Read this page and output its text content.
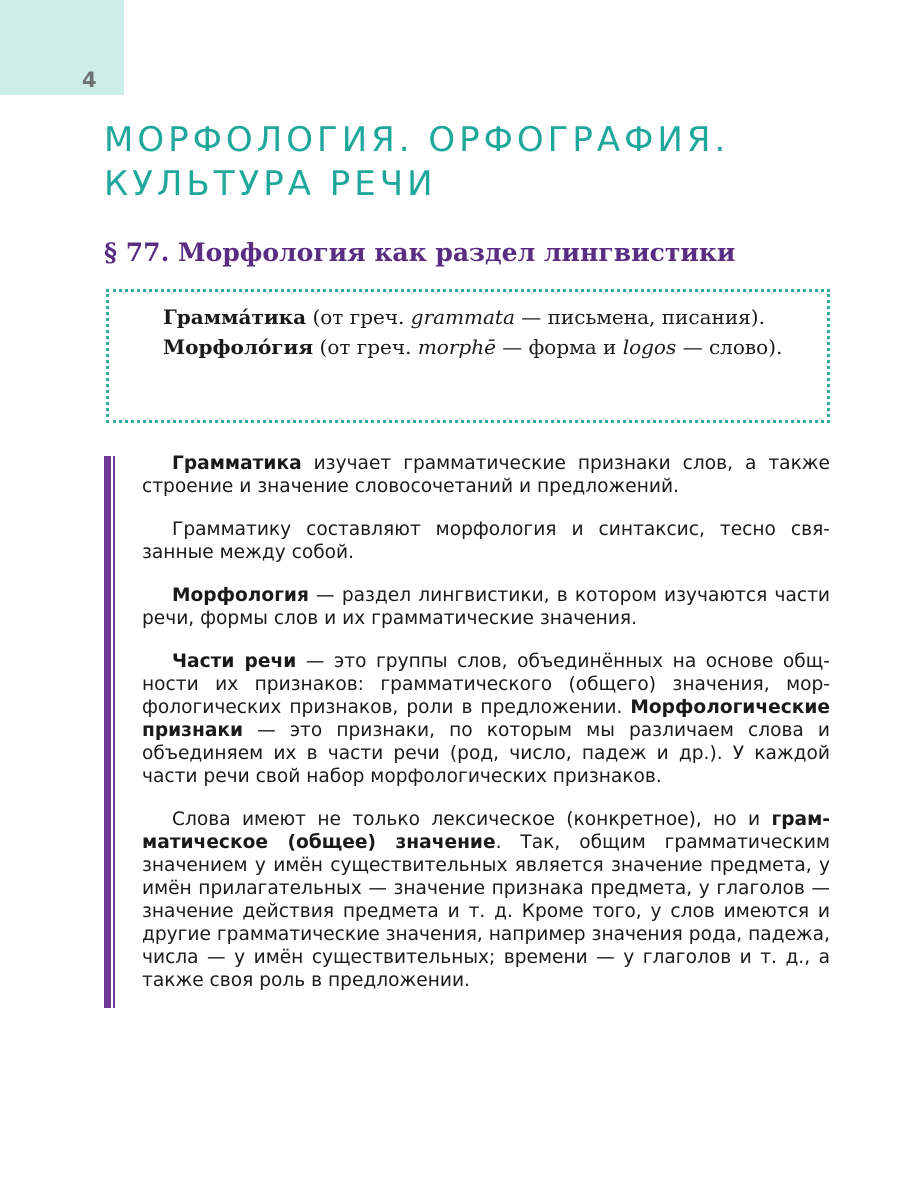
4
МОРФОЛОГИЯ. ОРФОГРАФИЯ.
КУЛЬТУРА РЕЧИ
§ 77. Морфология как раздел лингвистики

Грамма́тика (от греч. grammata — письмена, писания).

Морфоло́гия (от греч. morphē — форма и logos — слово).

Грамматика изучает грамматические признаки слов, а также строение и значение словосочетаний и предложений.

Грамматику составляют морфология и синтаксис, тесно связанные между собой.

Морфология — раздел лингвистики, в котором изучаются части речи, формы слов и их грамматические значения.

Части речи — это группы слов, объединённых на основе общности их признаков: грамматического (общего) значения, морфологических признаков, роли в предложении. Морфологические признаки — это признаки, по которым мы различаем слова и объединяем их в части речи (род, число, падеж и др.). У каждой части речи свой набор морфологических признаков.

Слова имеют не только лексическое (конкретное), но и грамматическое (общее) значение. Так, общим грамматическим значением у имён существительных является значение предмета, у имён прилагательных — значение признака предмета, у глаголов — значение действия предмета и т. д. Кроме того, у слов имеются и другие грамматические значения, например значения рода, падежа, числа — у имён существительных; времени — у глаголов и т. д., а также своя роль в предложении.
